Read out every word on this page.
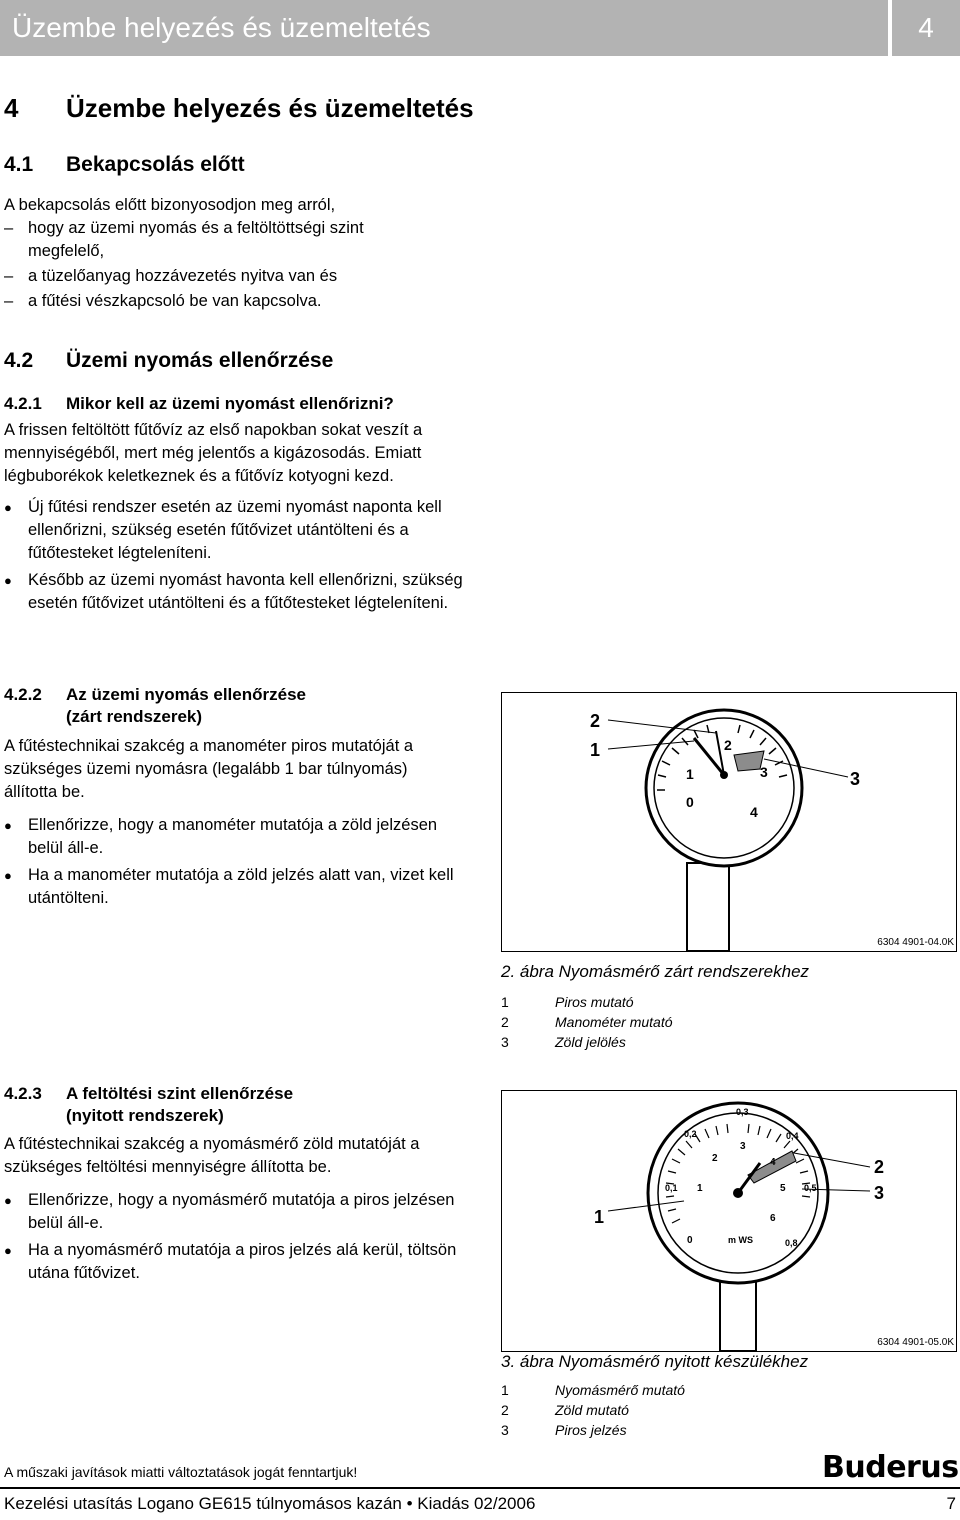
Üzembe helyezés és üzemeltetés	4
4 Üzembe helyezés és üzemeltetés
4.1 Bekapcsolás előtt
A bekapcsolás előtt bizonyosodjon meg arról,
– hogy az üzemi nyomás és a feltöltöttségi szint megfelelő,
– a tüzelőanyag hozzávezetés nyitva van és
– a fűtési vészkapcsoló be van kapcsolva.
4.2 Üzemi nyomás ellenőrzése
4.2.1 Mikor kell az üzemi nyomást ellenőrizni?
A frissen feltöltött fűtővíz az első napokban sokat veszít a mennyiségéből, mert még jelentős a kigázosodás. Emiatt légbuborékok keletkeznek és a fűtővíz kotyogni kezd.
● Új fűtési rendszer esetén az üzemi nyomást naponta kell ellenőrizni, szükség esetén fűtővizet utántölteni és a fűtőtesteket légteleníteni.
● Később az üzemi nyomást havonta kell ellenőrizni, szükség esetén fűtővizet utántölteni és a fűtőtesteket légteleníteni.
4.2.2 Az üzemi nyomás ellenőrzése
(zárt rendszerek)
A fűtéstechnikai szakcég a manométer piros mutatóját a szükséges üzemi nyomásra (legalább 1 bar túlnyomás) állította be.
● Ellenőrizze, hogy a manométer mutatója a zöld jelzésen belül áll-e.
● Ha a manométer mutatója a zöld jelzés alatt van, vizet kell utántölteni.
0
1
2
3
4
2
1
3
6304 4901-04.0K
2. ábra Nyomásmérő zárt rendszerekhez
1	Piros mutató
2	Manométer mutató
3	Zöld jelölés
4.2.3 A feltöltési szint ellenőrzése
(nyitott rendszerek)
A fűtéstechnikai szakcég a nyomásmérő zöld mutatóját a szükséges feltöltési mennyiségre állította be.
● Ellenőrizze, hogy a nyomásmérő mutatója a piros jelzésen belül áll-e.
● Ha a nyomásmérő mutatója a piros jelzés alá kerül, töltsön utána fűtővizet.
0,1
0,2
0,3
0,4
0,5
0,8
0
1
2
3
4
5
6
m WS
1
2
3
6304 4901-05.0K
3. ábra Nyomásmérő nyitott készülékhez
1	Nyomásmérő mutató
2	Zöld mutató
3	Piros jelzés
A műszaki javítások miatti változtatások jogát fenntartjuk!	Buderus
Kezelési utasítás Logano GE615 túlnyomásos kazán • Kiadás 02/2006	7
